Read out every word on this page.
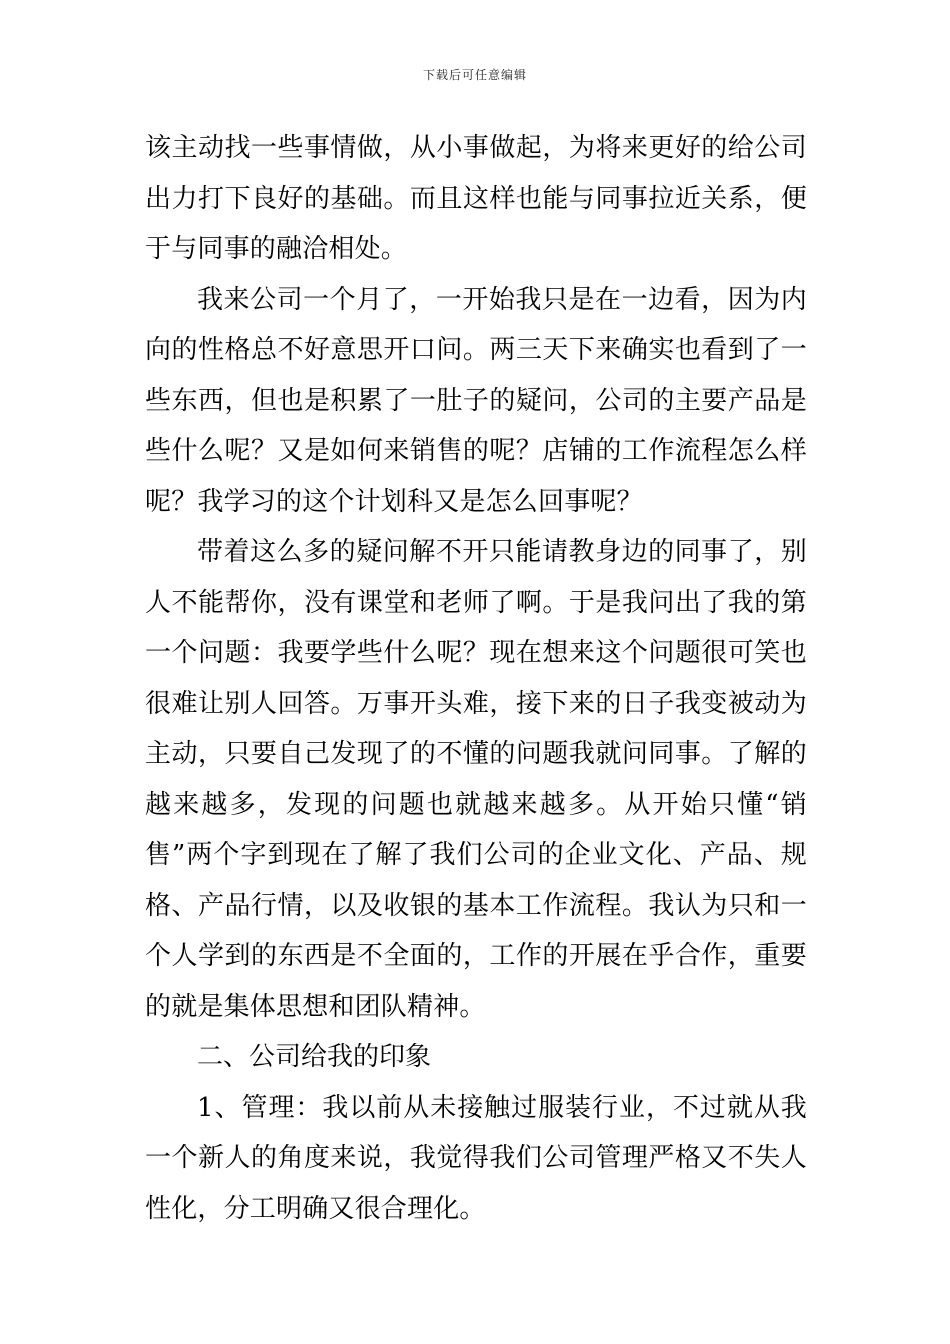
下载后可任意编辑

该主动找一些事情做，从小事做起，为将来更好的给公司出力打下良好的基础。而且这样也能与同事拉近关系，便于与同事的融洽相处。

我来公司一个月了，一开始我只是在一边看，因为内向的性格总不好意思开口问。两三天下来确实也看到了一些东西，但也是积累了一肚子的疑问，公司的主要产品是些什么呢？又是如何来销售的呢？店铺的工作流程怎么样呢？我学习的这个计划科又是怎么回事呢？

带着这么多的疑问解不开只能请教身边的同事了，别人不能帮你，没有课堂和老师了啊。于是我问出了我的第一个问题：我要学些什么呢？现在想来这个问题很可笑也很难让别人回答。万事开头难，接下来的日子我变被动为主动，只要自己发现了的不懂的问题我就问同事。了解的越来越多，发现的问题也就越来越多。从开始只懂“销售”两个字到现在了解了我们公司的企业文化、产品、规格、产品行情，以及收银的基本工作流程。我认为只和一个人学到的东西是不全面的，工作的开展在乎合作，重要的就是集体思想和团队精神。

二、公司给我的印象

1、管理：我以前从未接触过服装行业，不过就从我一个新人的角度来说，我觉得我们公司管理严格又不失人性化，分工明确又很合理化。
